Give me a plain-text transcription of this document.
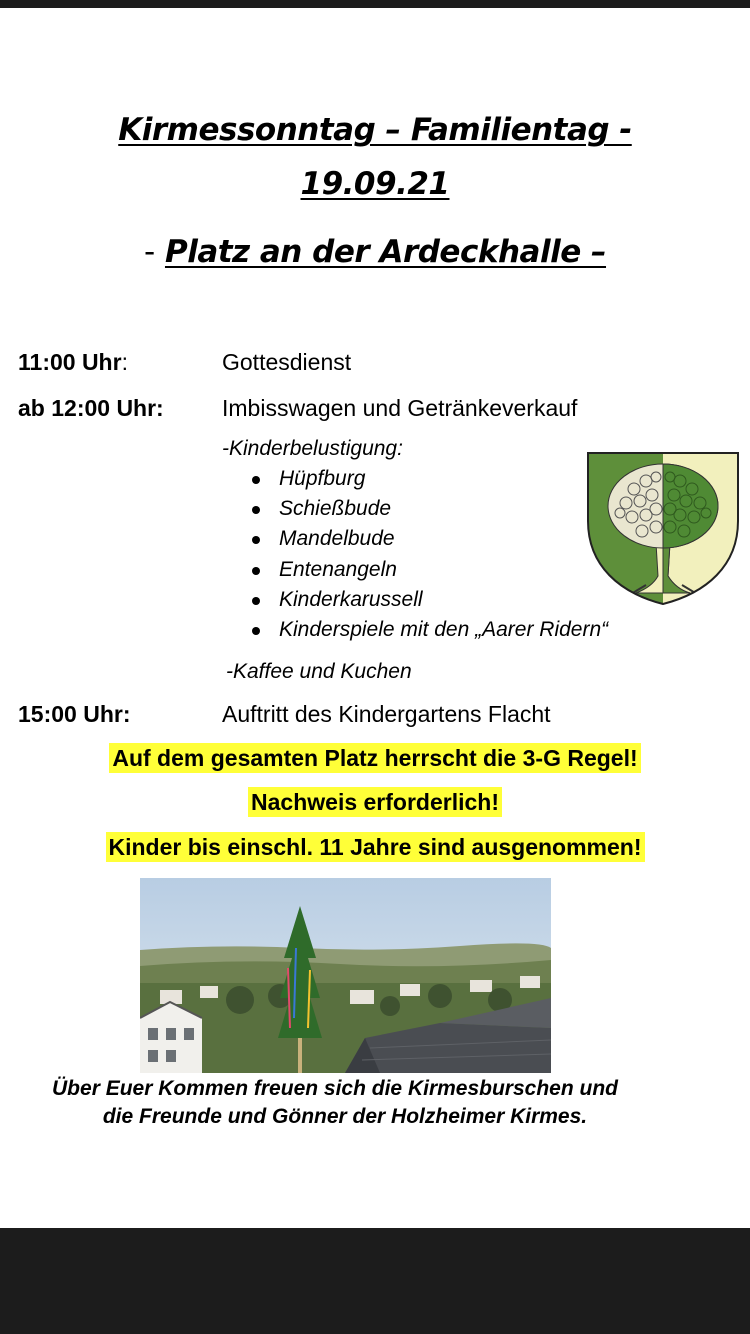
Kirmessonntag – Familientag -
19.09.21
- Platz an der Ardeckhalle –
11:00 Uhr:	Gottesdienst
ab 12:00 Uhr:	Imbisswagen und Getränkeverkauf
-Kinderbelustigung:
Hüpfburg
Schießbude
Mandelbude
Entenangeln
Kinderkarussell
Kinderspiele mit den „Aarer Ridern“
-Kaffee und Kuchen
15:00 Uhr:	Auftritt des Kindergartens Flacht
Auf dem gesamten Platz herrscht die 3-G Regel!
Nachweis erforderlich!
Kinder bis einschl. 11 Jahre sind ausgenommen!
Über Euer Kommen freuen sich die Kirmesburschen und
die Freunde und Gönner der Holzheimer Kirmes.
